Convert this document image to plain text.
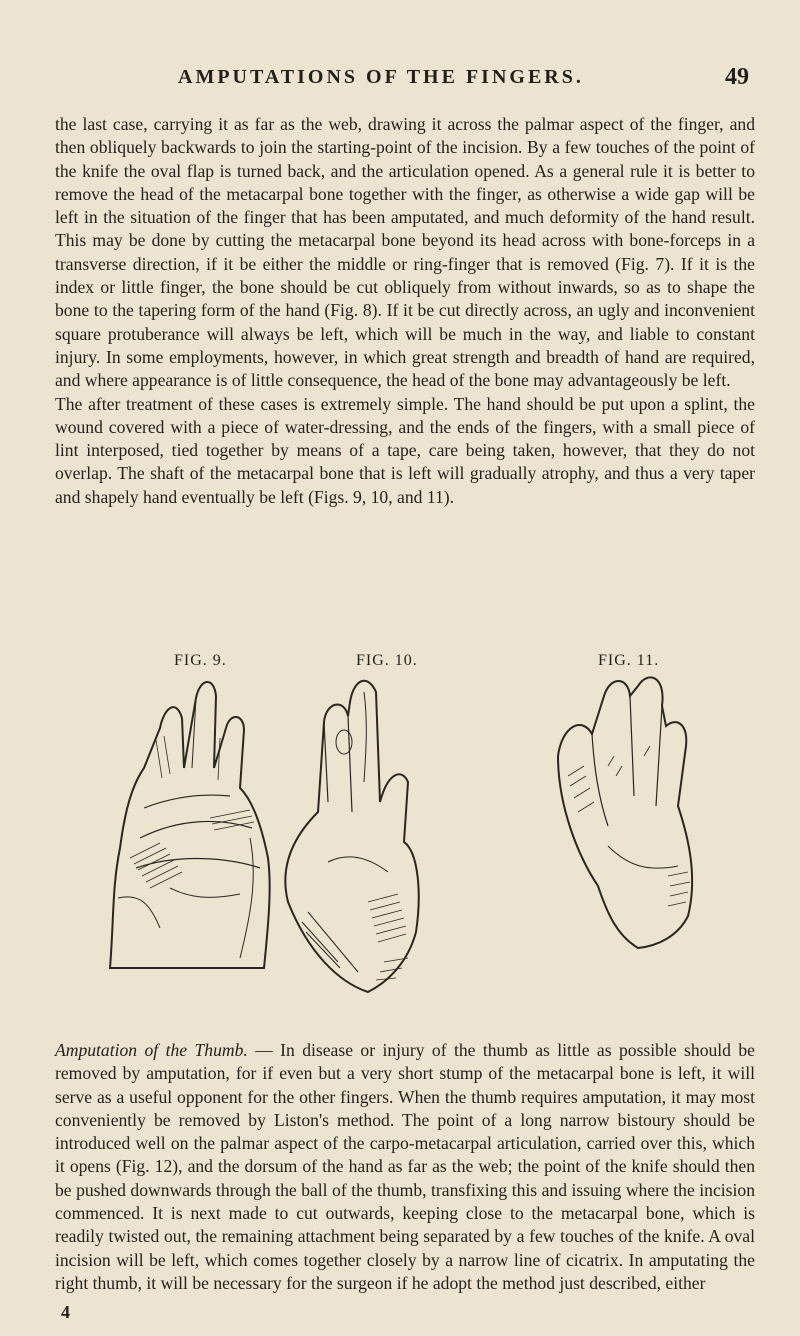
AMPUTATIONS OF THE FINGERS.	49

the last case, carrying it as far as the web, drawing it across the palmar aspect of the finger, and then obliquely backwards to join the starting-point of the incision. By a few touches of the point of the knife the oval flap is turned back, and the articulation opened. As a general rule it is better to remove the head of the metacarpal bone together with the finger, as otherwise a wide gap will be left in the situation of the finger that has been amputated, and much deformity of the hand result. This may be done by cutting the metacarpal bone beyond its head across with bone-forceps in a transverse direction, if it be either the middle or ring-finger that is removed (Fig. 7). If it is the index or little finger, the bone should be cut obliquely from without inwards, so as to shape the bone to the tapering form of the hand (Fig. 8). If it be cut directly across, an ugly and inconvenient square protuberance will always be left, which will be much in the way, and liable to constant injury. In some employments, however, in which great strength and breadth of hand are required, and where appearance is of little consequence, the head of the bone may advantageously be left.

The after treatment of these cases is extremely simple. The hand should be put upon a splint, the wound covered with a piece of water-dressing, and the ends of the fingers, with a small piece of lint interposed, tied together by means of a tape, care being taken, however, that they do not overlap. The shaft of the metacarpal bone that is left will gradually atrophy, and thus a very taper and shapely hand eventually be left (Figs. 9, 10, and 11).

FIG. 9.	FIG. 10.	FIG. 11.

Amputation of the Thumb. — In disease or injury of the thumb as little as possible should be removed by amputation, for if even but a very short stump of the metacarpal bone is left, it will serve as a useful opponent for the other fingers. When the thumb requires amputation, it may most conveniently be removed by Liston's method. The point of a long narrow bistoury should be introduced well on the palmar aspect of the carpo-metacarpal articulation, carried over this, which it opens (Fig. 12), and the dorsum of the hand as far as the web; the point of the knife should then be pushed downwards through the ball of the thumb, transfixing this and issuing where the incision commenced. It is next made to cut outwards, keeping close to the metacarpal bone, which is readily twisted out, the remaining attachment being separated by a few touches of the knife. A oval incision will be left, which comes together closely by a narrow line of cicatrix. In amputating the right thumb, it will be necessary for the surgeon if he adopt the method just described, either

4
